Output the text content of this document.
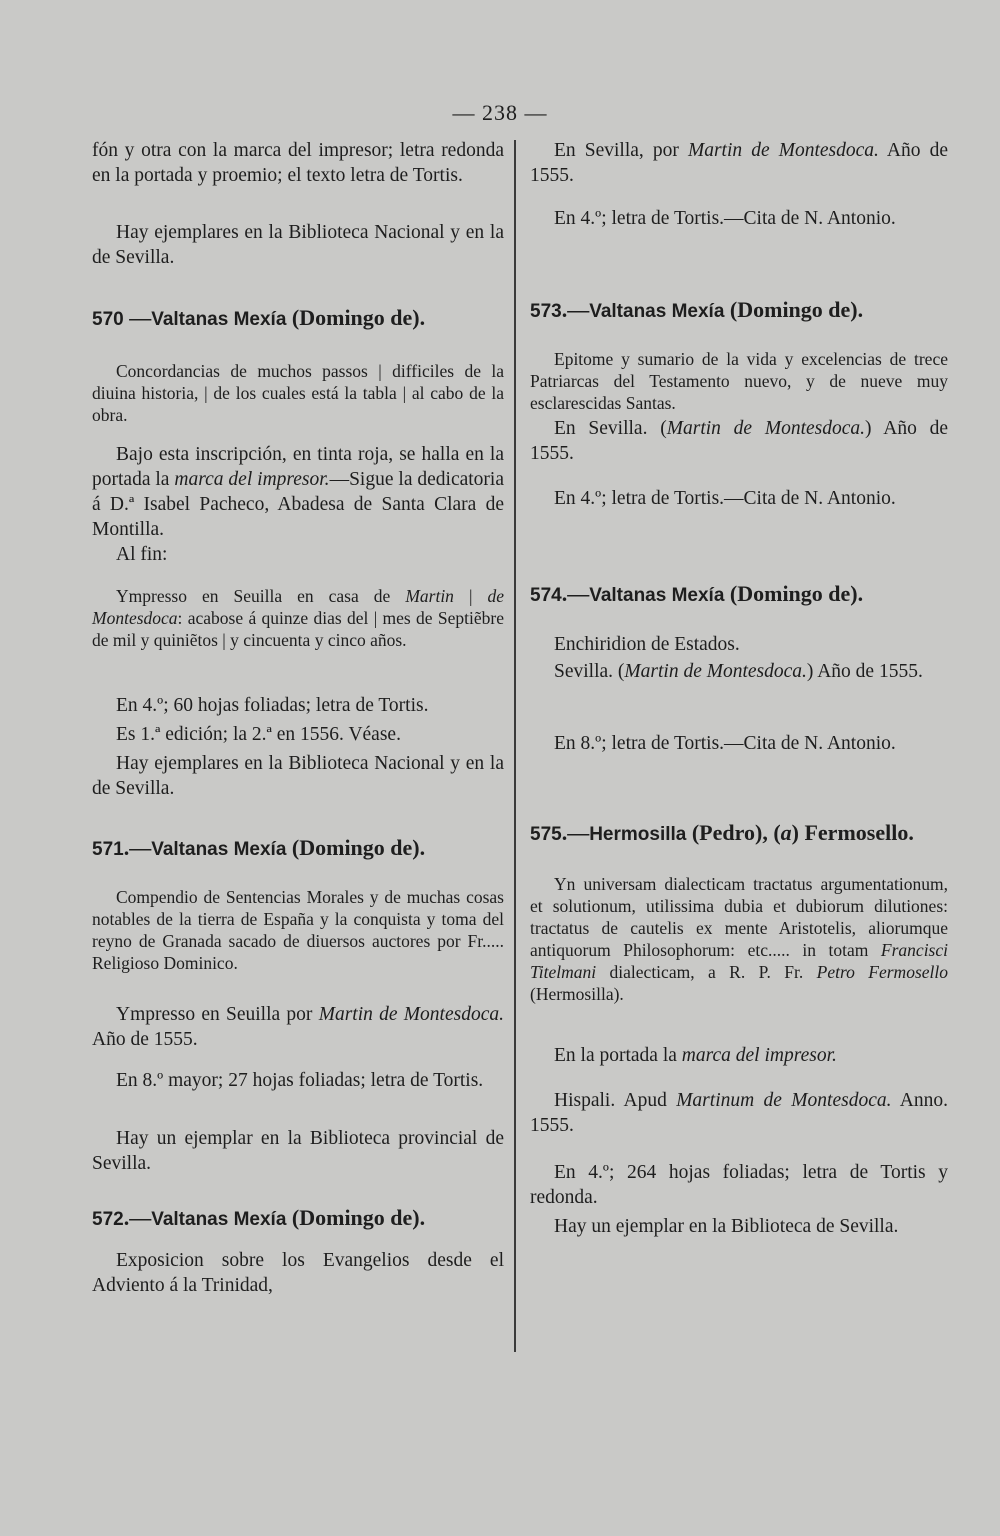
— 238 —

fón y otra con la marca del impresor; letra redonda en la portada y proemio; el texto letra de Tortis.

Hay ejemplares en la Biblioteca Nacional y en la de Sevilla.

570 —Valtanas Mexía (Domingo de).

Concordancias de muchos passos | difficiles de la diuina historia, | de los cuales está la tabla | al cabo de la obra.

Bajo esta inscripción, en tinta roja, se halla en la portada la marca del impresor.—Sigue la dedicatoria á D.ª Isabel Pacheco, Abadesa de Santa Clara de Montilla.

Al fin:

Ympresso en Seuilla en casa de Martin | de Montesdoca: acabose á quinze dias del | mes de Septiẽbre de mil y quiniẽtos | y cincuenta y cinco años.

En 4.º; 60 hojas foliadas; letra de Tortis.

Es 1.ª edición; la 2.ª en 1556. Véase.

Hay ejemplares en la Biblioteca Nacional y en la de Sevilla.

571.—Valtanas Mexía (Domingo de).

Compendio de Sentencias Morales y de muchas cosas notables de la tierra de España y la conquista y toma del reyno de Granada sacado de diuersos auctores por Fr..... Religioso Dominico.

Ympresso en Seuilla por Martin de Montesdoca. Año de 1555.

En 8.º mayor; 27 hojas foliadas; letra de Tortis.

Hay un ejemplar en la Biblioteca provincial de Sevilla.

572.—Valtanas Mexía (Domingo de).

Exposicion sobre los Evangelios desde el Adviento á la Trinidad,

En Sevilla, por Martin de Montesdoca. Año de 1555.

En 4.º; letra de Tortis.—Cita de N. Antonio.

573.—Valtanas Mexía (Domingo de).

Epitome y sumario de la vida y excelencias de trece Patriarcas del Testamento nuevo, y de nueve muy esclarescidas Santas.

En Sevilla. (Martin de Montesdoca.) Año de 1555.

En 4.º; letra de Tortis.—Cita de N. Antonio.

574.—Valtanas Mexía (Domingo de).

Enchiridion de Estados.

Sevilla. (Martin de Montesdoca.) Año de 1555.

En 8.º; letra de Tortis.—Cita de N. Antonio.

575.—Hermosilla (Pedro), (a) Fermosello.

Yn universam dialecticam tractatus argumentationum, et solutionum, utilissima dubia et dubiorum dilutiones: tractatus de cautelis ex mente Aristotelis, aliorumque antiquorum Philosophorum: etc..... in totam Francisci Titelmani dialecticam, a R. P. Fr. Petro Fermosello (Hermosilla).

En la portada la marca del impresor.

Hispali. Apud Martinum de Montesdoca. Anno. 1555.

En 4.º; 264 hojas foliadas; letra de Tortis y redonda.

Hay un ejemplar en la Biblioteca de Sevilla.
